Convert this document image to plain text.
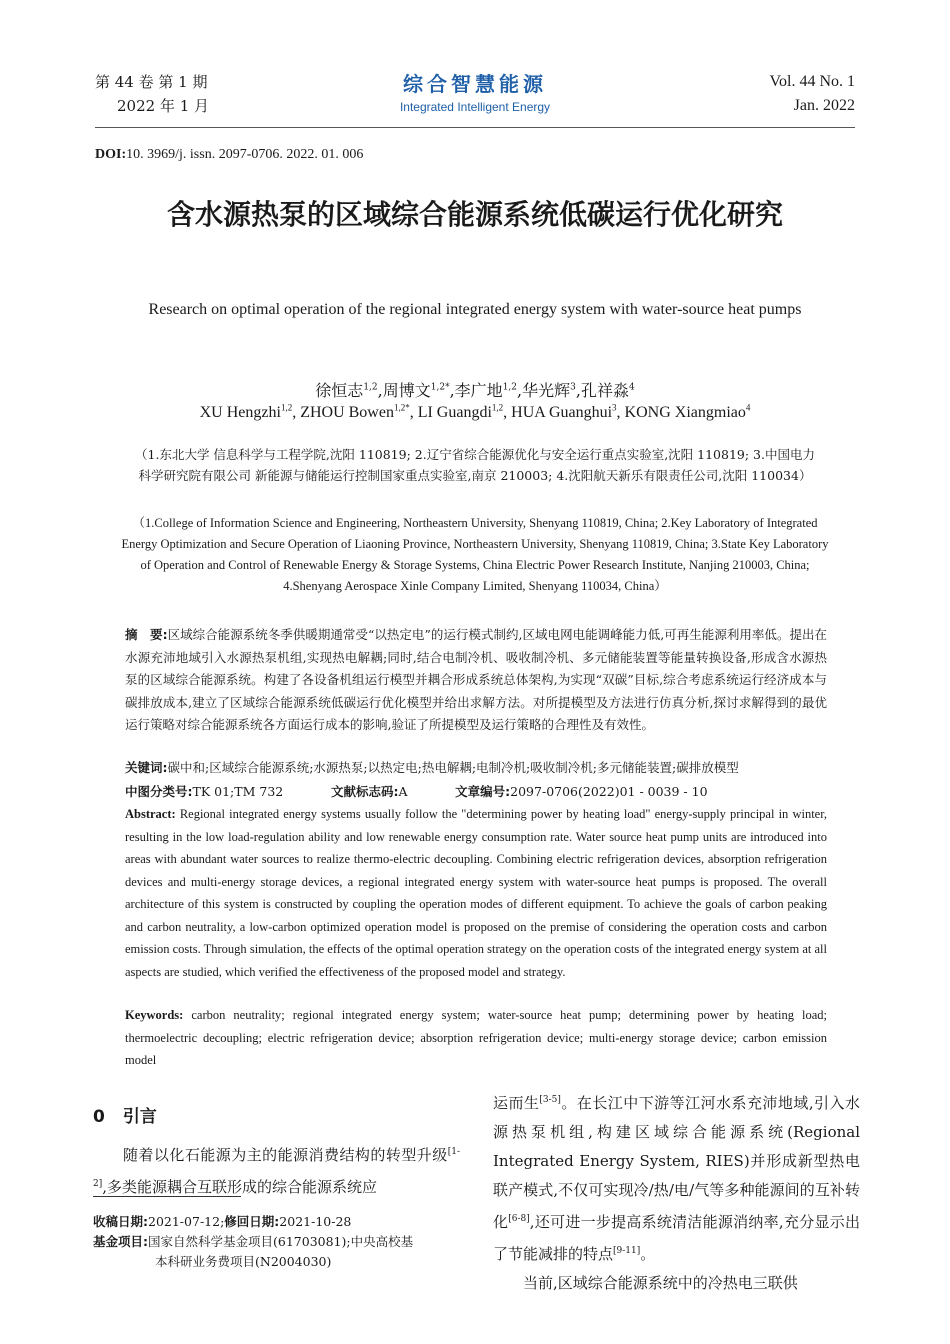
第 44 卷 第 1 期
2022 年 1 月
综合智慧能源
Integrated Intelligent Energy
Vol. 44 No. 1
Jan. 2022
DOI:10. 3969/j. issn. 2097-0706. 2022. 01. 006
含水源热泵的区域综合能源系统低碳运行优化研究
Research on optimal operation of the regional integrated energy system with water-source heat pumps
徐恒志$^{1,2}$,周博文$^{1,2*}$,李广地$^{1,2}$,华光辉$^3$,孔祥淼$^4$
XU Hengzhi$^{1,2}$, ZHOU Bowen$^{1,2*}$, LI Guangdi$^{1,2}$, HUA Guanghui$^3$, KONG Xiangmiao$^4$
（1.东北大学 信息科学与工程学院,沈阳 110819; 2.辽宁省综合能源优化与安全运行重点实验室,沈阳 110819; 3.中国电力科学研究院有限公司 新能源与储能运行控制国家重点实验室,南京 210003; 4.沈阳航天新乐有限责任公司,沈阳 110034）
（1.College of Information Science and Engineering, Northeastern University, Shenyang 110819, China; 2.Key Laboratory of Integrated Energy Optimization and Secure Operation of Liaoning Province, Northeastern University, Shenyang 110819, China; 3.State Key Laboratory of Operation and Control of Renewable Energy & Storage Systems, China Electric Power Research Institute, Nanjing 210003, China; 4.Shenyang Aerospace Xinle Company Limited, Shenyang 110034, China）
摘　要:区域综合能源系统冬季供暖期通常受“以热定电”的运行模式制约,区域电网电能调峰能力低,可再生能源利用率低。提出在水源充沛地域引入水源热泵机组,实现热电解耦;同时,结合电制冷机、吸收制冷机、多元储能装置等能量转换设备,形成含水源热泵的区域综合能源系统。构建了各设备机组运行模型并耦合形成系统总体架构,为实现“双碳”目标,综合考虑系统运行经济成本与碳排放成本,建立了区域综合能源系统低碳运行优化模型并给出求解方法。对所提模型及方法进行仿真分析,探讨求解得到的最优运行策略对综合能源系统各方面运行成本的影响,验证了所提模型及运行策略的合理性及有效性。
关键词:碳中和;区域综合能源系统;水源热泵;以热定电;热电解耦;电制冷机;吸收制冷机;多元储能装置;碳排放模型
中图分类号:TK 01;TM 732	文献标志码:A	文章编号:2097-0706(2022)01 - 0039 - 10
Abstract: Regional integrated energy systems usually follow the "determining power by heating load" energy-supply principal in winter, resulting in the low load-regulation ability and low renewable energy consumption rate. Water source heat pump units are introduced into areas with abundant water sources to realize thermo-electric decoupling. Combining electric refrigeration devices, absorption refrigeration devices and multi-energy storage devices, a regional integrated energy system with water-source heat pumps is proposed. The overall architecture of this system is constructed by coupling the operation modes of different equipment. To achieve the goals of carbon peaking and carbon neutrality, a low-carbon optimized operation model is proposed on the premise of considering the operation costs and carbon emission costs. Through simulation, the effects of the optimal operation strategy on the operation costs of the integrated energy system at all aspects are studied, which verified the effectiveness of the proposed model and strategy.
Keywords: carbon neutrality; regional integrated energy system; water-source heat pump; determining power by heating load; thermoelectric decoupling; electric refrigeration device; absorption refrigeration device; multi-energy storage device; carbon emission model
0 引言
随着以化石能源为主的能源消费结构的转型升级[1-2],多类能源耦合互联形成的综合能源系统应
收稿日期:2021-07-12;修回日期:2021-10-28
基金项目:国家自然科学基金项目(61703081);中央高校基
本科研业务费项目(N2004030)
运而生[3-5]。在长江中下游等江河水系充沛地域,引入水源热泵机组,构建区域综合能源系统(Regional Integrated Energy System, RIES)并形成新型热电联产模式,不仅可实现冷/热/电/气等多种能源间的互补转化[6-8],还可进一步提高系统清洁能源消纳率,充分显示出了节能减排的特点[9-11]。
当前,区域综合能源系统中的冷热电三联供
